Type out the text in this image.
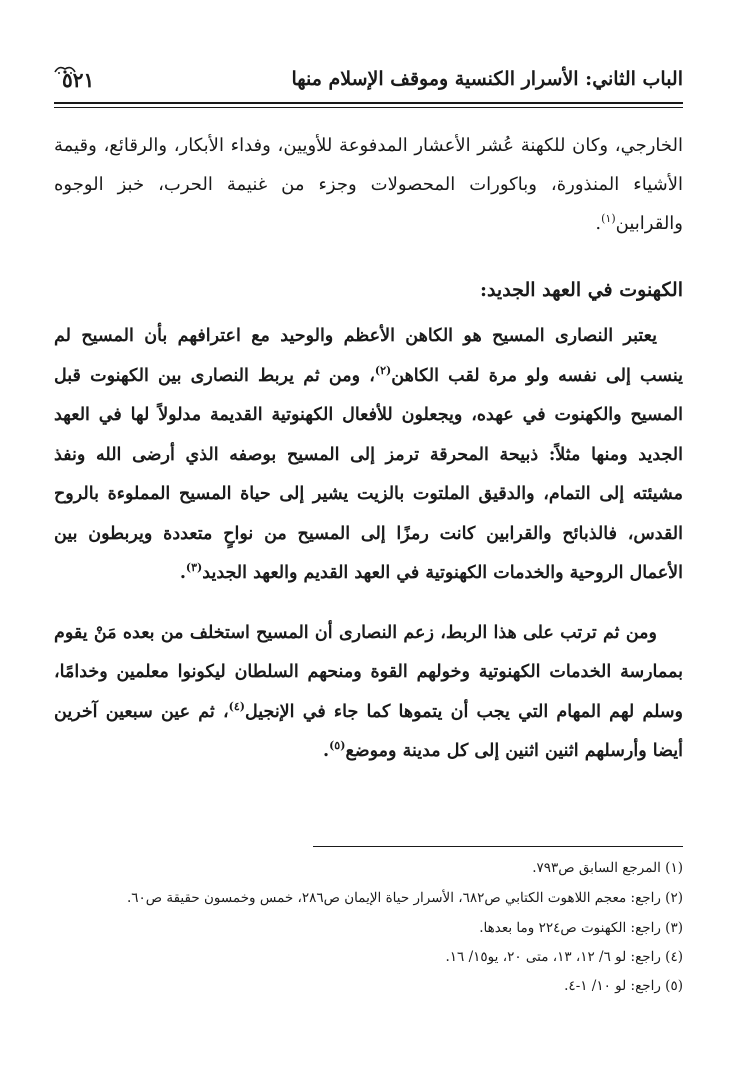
الباب الثاني: الأسرار الكنسية وموقف الإسلام منها
٥٢١

الخارجي، وكان للكهنة عُشر الأعشار المدفوعة للأويين، وفداء الأبكار، والرقائع، وقيمة الأشياء المنذورة، وباكورات المحصولات وجزء من غنيمة الحرب، خبز الوجوه والقرابين$^{(١)}$.

الكهنوت في العهد الجديد:

يعتبر النصارى المسيح هو الكاهن الأعظم والوحيد مع اعترافهم بأن المسيح لم ينسب إلى نفسه ولو مرة لقب الكاهن$^{(٢)}$، ومن ثم يربط النصارى بين الكهنوت قبل المسيح والكهنوت في عهده، ويجعلون للأفعال الكهنوتية القديمة مدلولاً لها في العهد الجديد ومنها مثلاً: ذبيحة المحرقة ترمز إلى المسيح بوصفه الذي أرضى الله ونفذ مشيئته إلى التمام، والدقيق الملتوت بالزيت يشير إلى حياة المسيح المملوءة بالروح القدس، فالذبائح والقرابين كانت رمزًا إلى المسيح من نواحٍ متعددة ويربطون بين الأعمال الروحية والخدمات الكهنوتية في العهد القديم والعهد الجديد$^{(٣)}$.

ومن ثم ترتب على هذا الربط، زعم النصارى أن المسيح استخلف من بعده مَنْ يقوم بممارسة الخدمات الكهنوتية وخولهم القوة ومنحهم السلطان ليكونوا معلمين وخدامًا، وسلم لهم المهام التي يجب أن يتموها كما جاء في الإنجيل$^{(٤)}$، ثم عين سبعين آخرين أيضا وأرسلهم اثنين اثنين إلى كل مدينة وموضع$^{(٥)}$.

(١) المرجع السابق ص٧٩٣.
(٢) راجع: معجم اللاهوت الكتابي ص٦٨٢، الأسرار حياة الإيمان ص٢٨٦، خمس وخمسون حقيقة ص٦٠.
(٣) راجع: الكهنوت ص٢٢٤ وما بعدها.
(٤) راجع: لو ٦/ ١٢، ١٣، متى ٢٠، يو١٥/ ١٦.
(٥) راجع: لو ١٠/ ١-٤.
